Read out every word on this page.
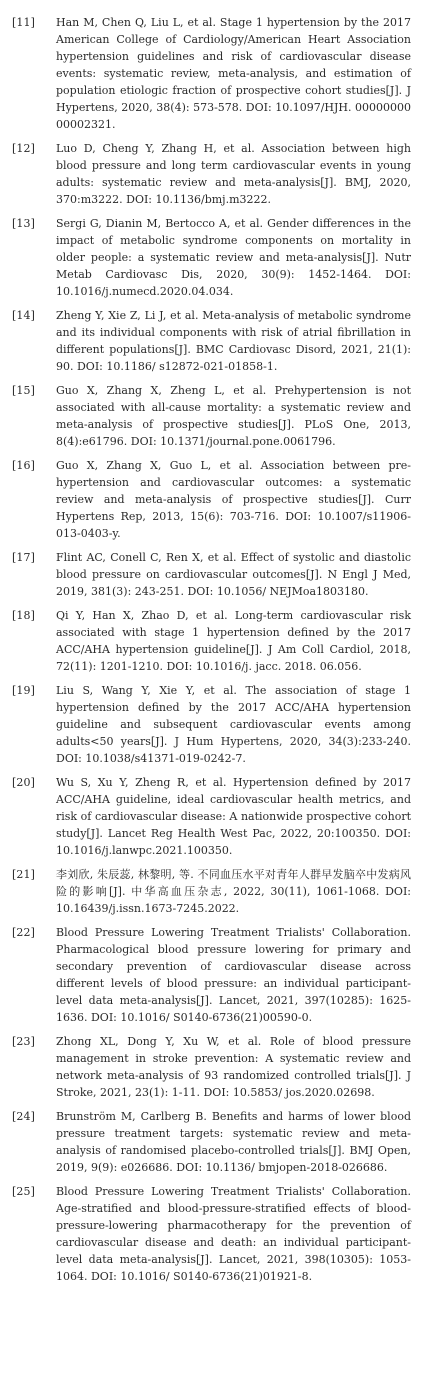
[11]	Han M, Chen Q, Liu L, et al. Stage 1 hypertension by the 2017 American College of Cardiology/American Heart Association hypertension guidelines and risk of cardiovascular disease events: systematic review, meta-analysis, and estimation of population etiologic fraction of prospective cohort studies[J]. J Hypertens, 2020, 38(4): 573-578. DOI: 10.1097/HJH. 00000000 00002321.
[12]	Luo D, Cheng Y, Zhang H, et al. Association between high blood pressure and long term cardiovascular events in young adults: systematic review and meta-analysis[J]. BMJ, 2020, 370:m3222. DOI: 10.1136/bmj.m3222.
[13]	Sergi G, Dianin M, Bertocco A, et al. Gender differences in the impact of metabolic syndrome components on mortality in older people: a systematic review and meta-analysis[J]. Nutr Metab Cardiovasc Dis, 2020, 30(9): 1452-1464. DOI: 10.1016/j.numecd.2020.04.034.
[14]	Zheng Y, Xie Z, Li J, et al. Meta-analysis of metabolic syndrome and its individual components with risk of atrial fibrillation in different populations[J]. BMC Cardiovasc Disord, 2021, 21(1): 90. DOI: 10.1186/ s12872-021-01858-1.
[15]	Guo X, Zhang X, Zheng L, et al. Prehypertension is not associated with all-cause mortality: a systematic review and meta-analysis of prospective studies[J]. PLoS One, 2013, 8(4):e61796. DOI: 10.1371/journal.pone.0061796.
[16]	Guo X, Zhang X, Guo L, et al. Association between pre-hypertension and cardiovascular outcomes: a systematic review and meta-analysis of prospective studies[J]. Curr Hypertens Rep, 2013, 15(6): 703-716. DOI: 10.1007/s11906-013-0403-y.
[17]	Flint AC, Conell C, Ren X, et al. Effect of systolic and diastolic blood pressure on cardiovascular outcomes[J]. N Engl J Med, 2019, 381(3): 243-251. DOI: 10.1056/ NEJMoa1803180.
[18]	Qi Y, Han X, Zhao D, et al. Long-term cardiovascular risk associated with stage 1 hypertension defined by the 2017 ACC/AHA hypertension guideline[J]. J Am Coll Cardiol, 2018, 72(11): 1201-1210. DOI: 10.1016/j. jacc. 2018. 06.056.
[19]	Liu S, Wang Y, Xie Y, et al. The association of stage 1 hypertension defined by the 2017 ACC/AHA hypertension guideline and subsequent cardiovascular events among adults<50 years[J]. J Hum Hypertens, 2020, 34(3):233-240. DOI: 10.1038/s41371-019-0242-7.
[20]	Wu S, Xu Y, Zheng R, et al. Hypertension defined by 2017 ACC/AHA guideline, ideal cardiovascular health metrics, and risk of cardiovascular disease: A nationwide prospective cohort study[J]. Lancet Reg Health West Pac, 2022, 20:100350. DOI: 10.1016/j.lanwpc.2021.100350.
[21]	李刘欣, 朱辰蕊, 林黎明, 等. 不同血压水平对青年人群早发脑卒中发病风险的影响[J]. 中华高血压杂志, 2022, 30(11), 1061-1068. DOI: 10.16439/j.issn.1673-7245.2022.
[22]	Blood Pressure Lowering Treatment Trialists' Collaboration. Pharmacological blood pressure lowering for primary and secondary prevention of cardiovascular disease across different levels of blood pressure: an individual participant-level data meta-analysis[J]. Lancet, 2021, 397(10285): 1625-1636. DOI: 10.1016/ S0140-6736(21)00590-0.
[23]	Zhong XL, Dong Y, Xu W, et al. Role of blood pressure management in stroke prevention: A systematic review and network meta-analysis of 93 randomized controlled trials[J]. J Stroke, 2021, 23(1): 1-11. DOI: 10.5853/ jos.2020.02698.
[24]	Brunström M, Carlberg B. Benefits and harms of lower blood pressure treatment targets: systematic review and meta-analysis of randomised placebo-controlled trials[J]. BMJ Open, 2019, 9(9): e026686. DOI: 10.1136/ bmjopen-2018-026686.
[25]	Blood Pressure Lowering Treatment Trialists' Collaboration. Age-stratified and blood-pressure-stratified effects of blood-pressure-lowering pharmacotherapy for the prevention of cardiovascular disease and death: an individual participant-level data meta-analysis[J]. Lancet, 2021, 398(10305): 1053-1064. DOI: 10.1016/ S0140-6736(21)01921-8.
